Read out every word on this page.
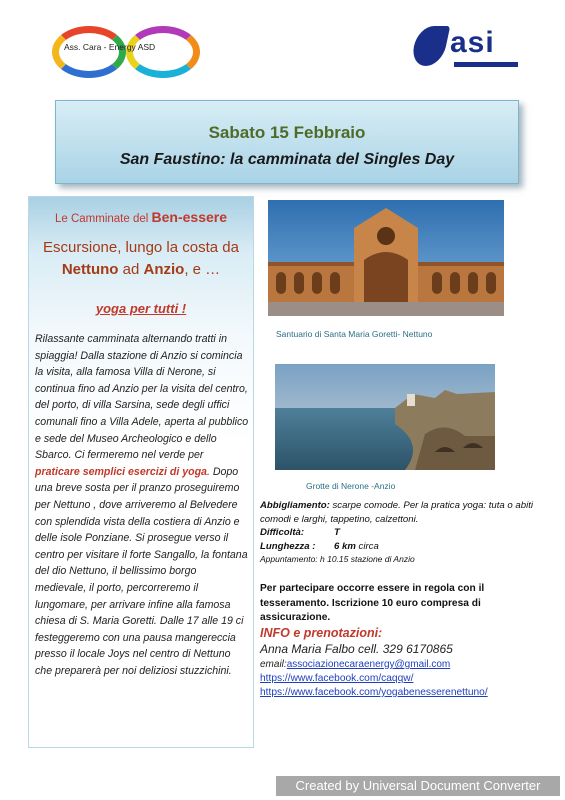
Ass. Cara - Energy ASD	asi
Sabato 15 Febbraio
San Faustino: la camminata del Singles Day
Le Camminate del Ben-essere
Escursione, lungo la costa da
Nettuno ad Anzio, e …
yoga per tutti !
Rilassante camminata alternando tratti in spiaggia! Dalla stazione di Anzio si comincia la visita, alla famosa Villa di Nerone, si continua fino ad Anzio per la visita del centro, del porto, di villa Sarsina, sede degli uffici comunali fino a Villa Adele, aperta al pubblico e sede del Museo Archeologico e dello Sbarco. Ci fermeremo nel verde per praticare semplici esercizi di yoga. Dopo una breve sosta per il pranzo proseguiremo per Nettuno , dove arriveremo al Belvedere con splendida vista della costiera di Anzio e delle isole Ponziane. Si prosegue verso il centro per visitare il forte Sangallo, la fontana del dio Nettuno, il bellissimo borgo medievale, il porto, percorreremo il lungomare, per arrivare infine alla famosa chiesa di S. Maria Goretti. Dalle 17 alle 19 ci festeggeremo con una pausa mangereccia presso il locale Joys nel centro di Nettuno che preparerà per noi deliziosi stuzzichini.
Santuario di Santa Maria Goretti- Nettuno
Grotte di Nerone -Anzio
Abbigliamento: scarpe comode. Per la pratica yoga: tuta o abiti comodi e larghi, tappetino, calzettoni.
Difficoltà:	T
Lunghezza :	6 km circa
Appuntamento: h 10.15 stazione di Anzio
Per partecipare occorre essere in regola con il tesseramento. Iscrizione 10 euro compresa di assicurazione.
INFO e prenotazioni:
Anna Maria Falbo cell. 329 6170865
email:associazionecaraenergy@gmail.com
https://www.facebook.com/caqqw/
https://www.facebook.com/yogabenesserenettuno/
Created by Universal Document Converter
